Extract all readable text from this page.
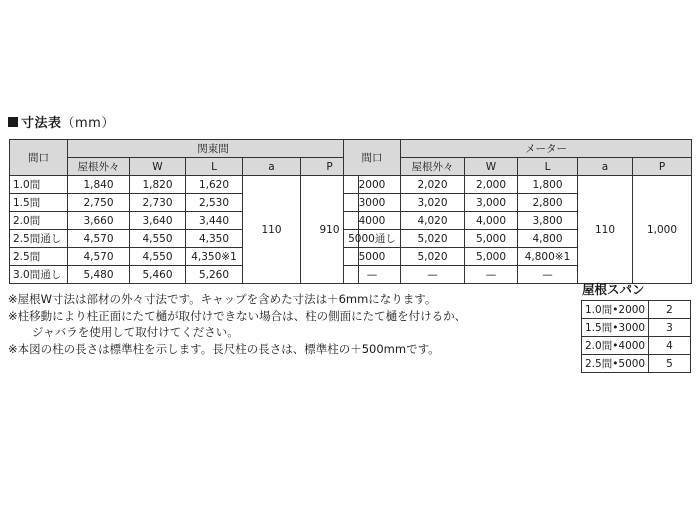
寸法表 （mm）
間口	関東間				
	屋根外々	W	L	a	P
1.0間	1,840	1,820	1,620	110	910
1.5間	2,750	2,730	2,530		
2.0間	3,660	3,640	3,440		
2.5間通し	4,570	4,550	4,350		
2.5間	4,570	4,550	4,350※1		
3.0間通し	5,480	5,460	5,260		
間口	メーター				
	屋根外々	W	L	a	P
2000	2,020	2,000	1,800	110	1,000
3000	3,020	3,000	2,800		
4000	4,020	4,000	3,800		
5000通し	5,020	5,000	4,800		
5000	5,020	5,000	4,800※1		
—	—	—	—		
※屋根W寸法は部材の外々寸法です。キャップを含めた寸法は＋6mmになります。
※柱移動により柱正面にたて樋が取付けできない場合は、柱の側面にたて樋を付けるか、
ジャバラを使用して取付けてください。
※本図の柱の長さは標準柱を示します。長尺柱の長さは、標準柱の＋500mmです。
屋根スパン
1.0間•2000	2
1.5間•3000	3
2.0間•4000	4
2.5間•5000	5
